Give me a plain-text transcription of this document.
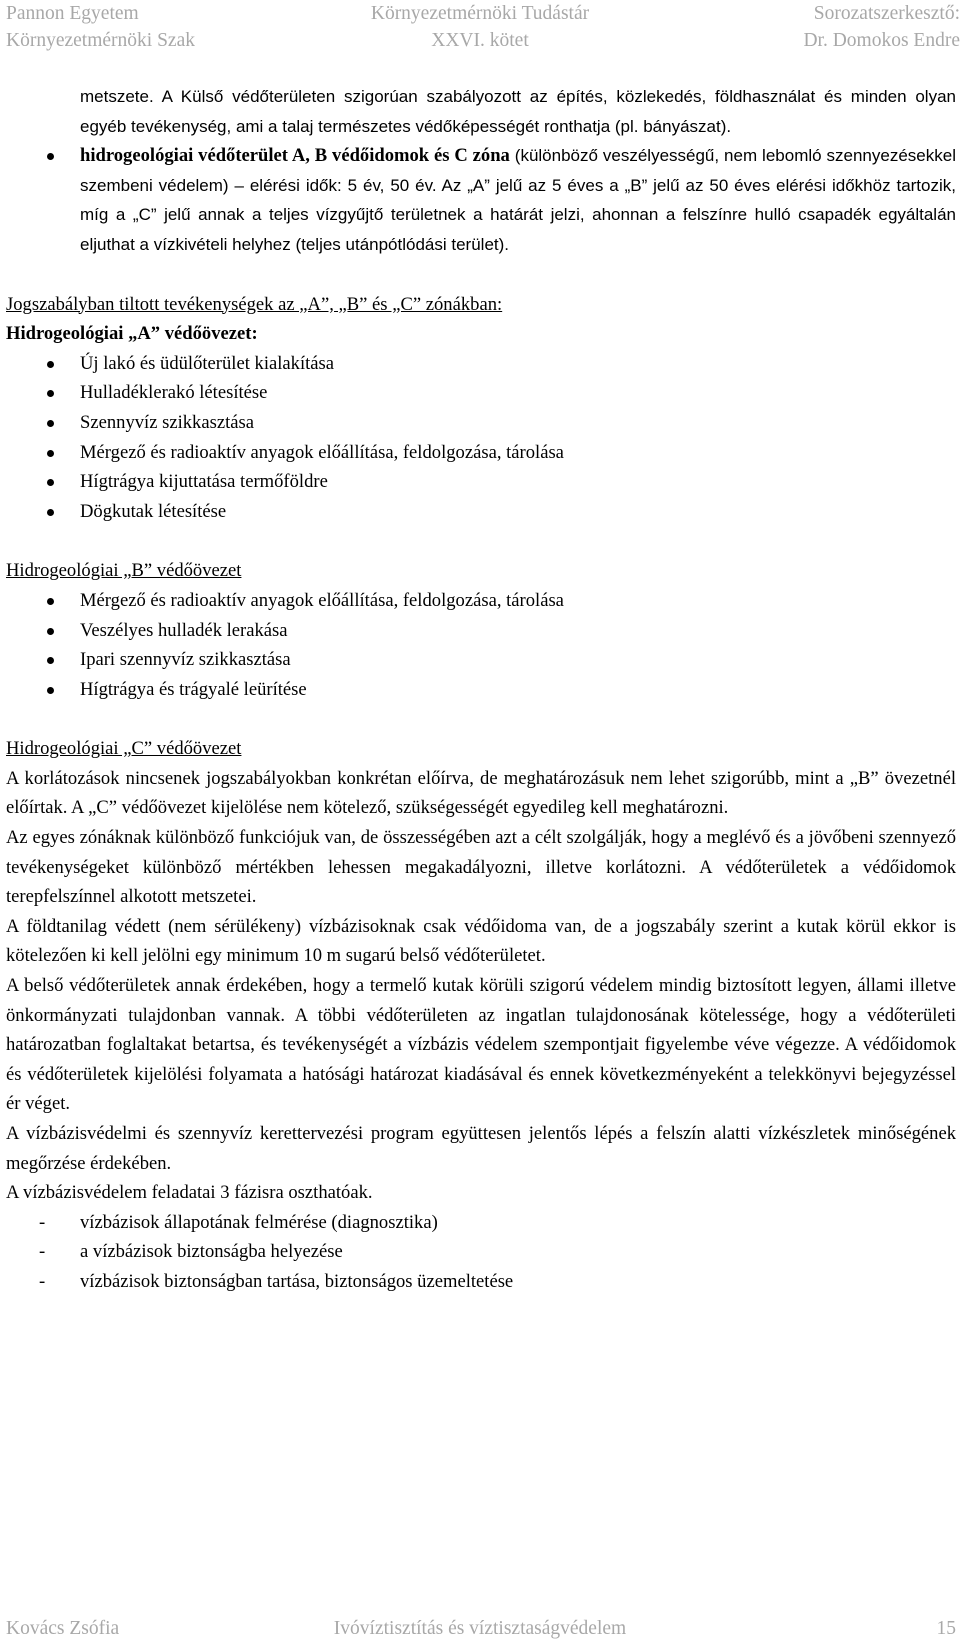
Pannon Egyetem
Környezetmérnöki Szak
Környezetmérnöki Tudástár
XXVI. kötet
Sorozatszerkesztő:
Dr. Domokos Endre

metszete. A Külső védőterületen szigorúan szabályozott az építés, közlekedés, földhasználat és minden olyan egyéb tevékenység, ami a talaj természetes védőképességét ronthatja (pl. bányászat).

hidrogeológiai védőterület A, B védőidomok és C zóna (különböző veszélyességű, nem lebomló szennyezésekkel szembeni védelem) – elérési idők: 5 év, 50 év. Az „A” jelű az 5 éves a „B” jelű az 50 éves elérési időkhöz tartozik, míg a „C” jelű annak a teljes vízgyűjtő területnek a határát jelzi, ahonnan a felszínre hulló csapadék egyáltalán eljuthat a vízkivételi helyhez (teljes utánpótlódási terület).

Jogszabályban tiltott tevékenységek az „A”, „B” és „C” zónákban:

Hidrogeológiai „A” védőövezet:

Új lakó és üdülőterület kialakítása
Hulladéklerakó létesítése
Szennyvíz szikkasztása
Mérgező és radioaktív anyagok előállítása, feldolgozása, tárolása
Hígtrágya kijuttatása termőföldre
Dögkutak létesítése

Hidrogeológiai „B” védőövezet

Mérgező és radioaktív anyagok előállítása, feldolgozása, tárolása
Veszélyes hulladék lerakása
Ipari szennyvíz szikkasztása
Hígtrágya és trágyalé leürítése

Hidrogeológiai „C” védőövezet

A korlátozások nincsenek jogszabályokban konkrétan előírva, de meghatározásuk nem lehet szigorúbb, mint a „B” övezetnél előírtak. A „C” védőövezet kijelölése nem kötelező, szükségességét egyedileg kell meghatározni.

Az egyes zónáknak különböző funkciójuk van, de összességében azt a célt szolgálják, hogy a meglévő és a jövőbeni szennyező tevékenységeket különböző mértékben lehessen megakadályozni, illetve korlátozni. A védőterületek a védőidomok terepfelszínnel alkotott metszetei.

A földtanilag védett (nem sérülékeny) vízbázisoknak csak védőidoma van, de a jogszabály szerint a kutak körül ekkor is kötelezően ki kell jelölni egy minimum 10 m sugarú belső védőterületet.

A belső védőterületek annak érdekében, hogy a termelő kutak körüli szigorú védelem mindig biztosított legyen, állami illetve önkormányzati tulajdonban vannak. A többi védőterületen az ingatlan tulajdonosának kötelessége, hogy a védőterületi határozatban foglaltakat betartsa, és tevékenységét a vízbázis védelem szempontjait figyelembe véve végezze. A védőidomok és védőterületek kijelölési folyamata a hatósági határozat kiadásával és ennek következményeként a telekkönyvi bejegyzéssel ér véget.

A vízbázisvédelmi és szennyvíz kerettervezési program együttesen jelentős lépés a felszín alatti vízkészletek minőségének megőrzése érdekében.

A vízbázisvédelem feladatai 3 fázisra oszthatóak.

- vízbázisok állapotának felmérése (diagnosztika)
- a vízbázisok biztonságba helyezése
- vízbázisok biztonságban tartása, biztonságos üzemeltetése
Kovács Zsófia	Ivóvíztisztítás és víztisztaságvédelem	15
